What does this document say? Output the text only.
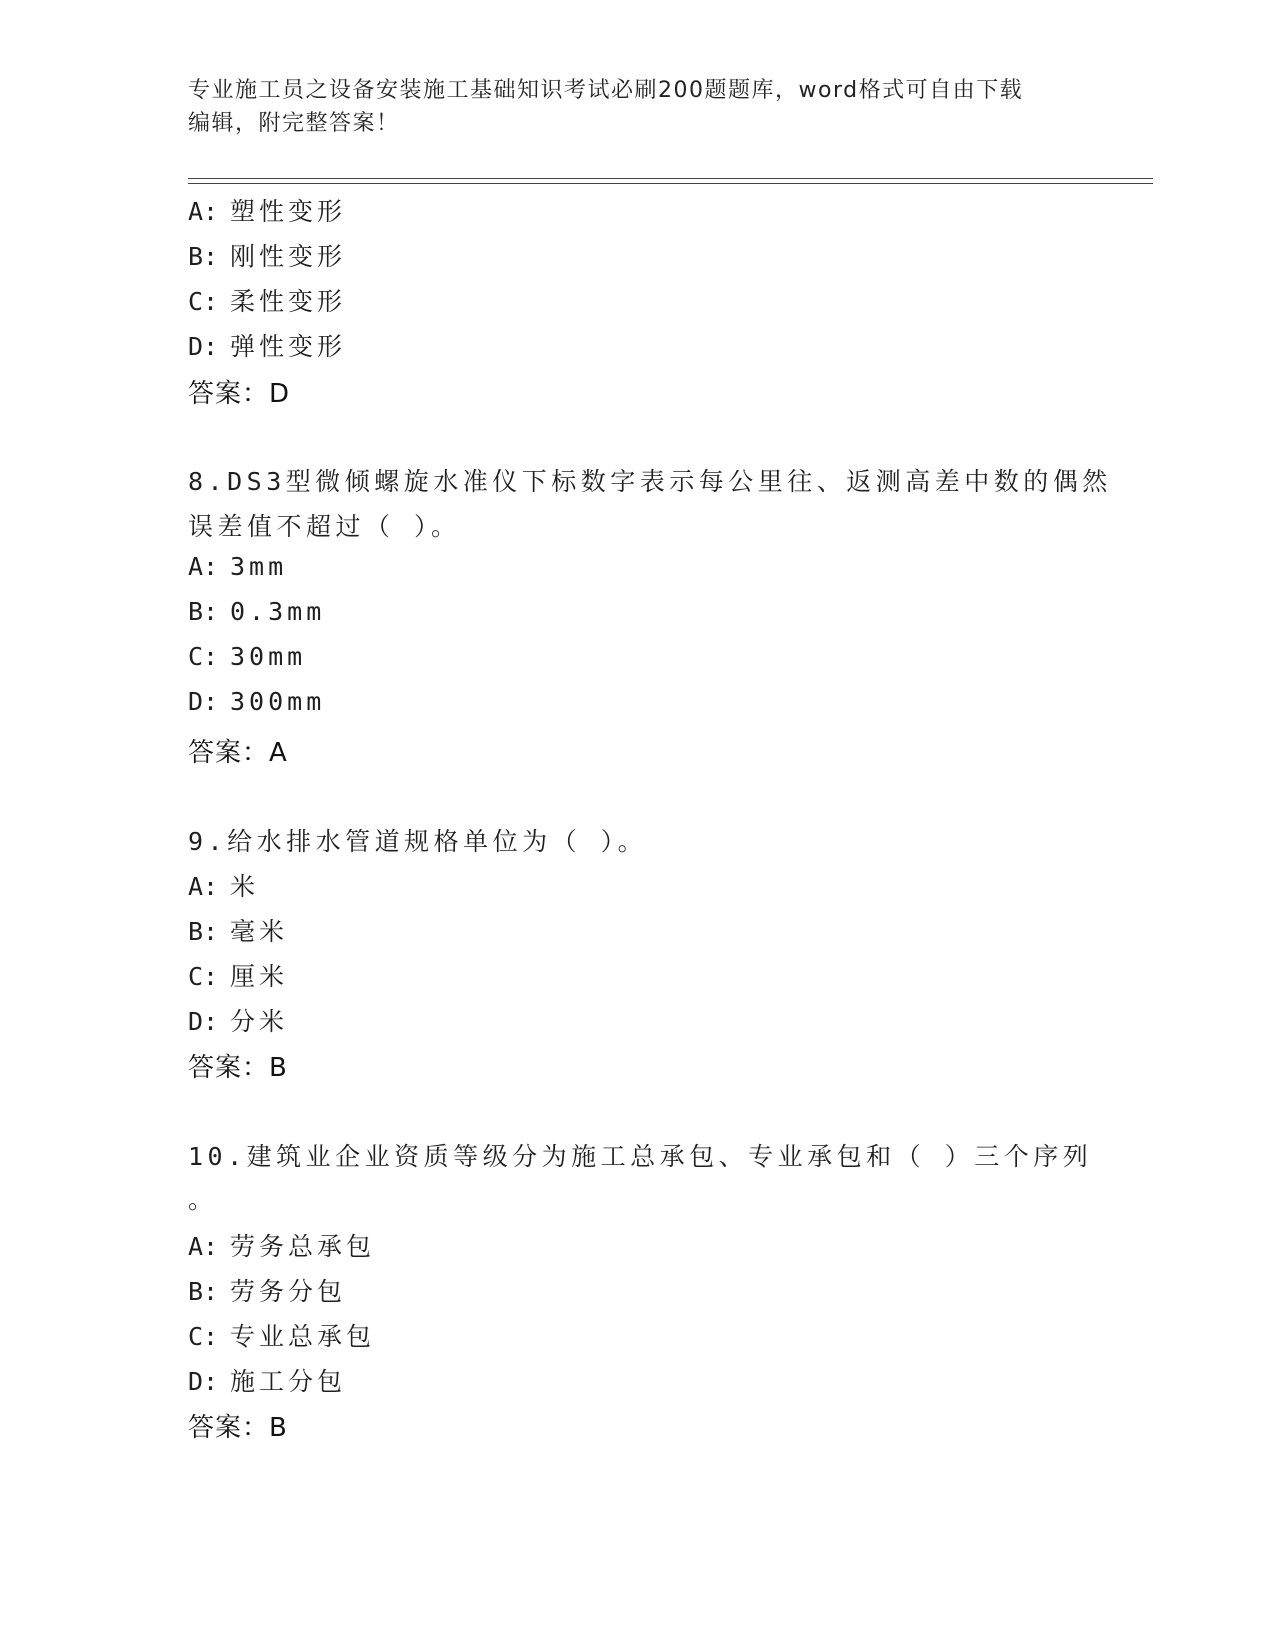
专业施工员之设备安装施工基础知识考试必刷200题题库，word格式可自由下载
编辑，附完整答案！
A: 塑性变形
B: 刚性变形
C: 柔性变形
D: 弹性变形
答案：D
8.DS3型微倾螺旋水准仪下标数字表示每公里往、返测高差中数的偶然
误差值不超过（ ）。
A: 3mm
B: 0.3mm
C: 30mm
D: 300mm
答案：A
9.给水排水管道规格单位为（ ）。
A: 米
B: 毫米
C: 厘米
D: 分米
答案：B
10.建筑业企业资质等级分为施工总承包、专业承包和（ ）三个序列
。
A: 劳务总承包
B: 劳务分包
C: 专业总承包
D: 施工分包
答案：B
